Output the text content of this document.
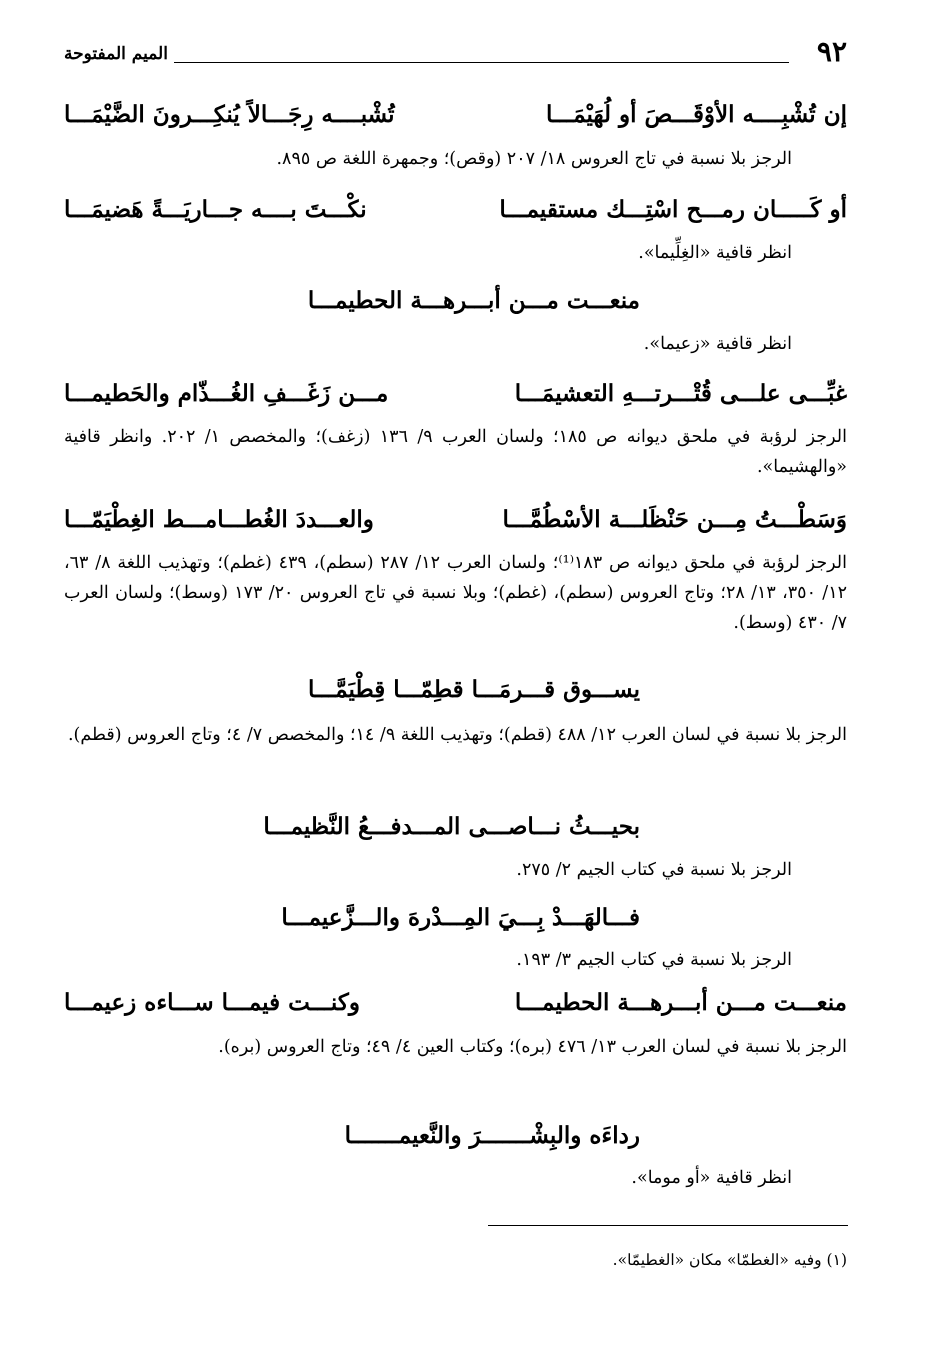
٩٢
الميم المفتوحة
إن تُشْبِــــه الأوْقَـــصَ أو لُهَيْمَـــا
تُشْبــــه رِجَـــالاً يُنكِـــرونَ الضَّيْمَـــا
الرجز بلا نسبة في تاج العروس ١٨/ ٢٠٧ (وقص)؛ وجمهرة اللغة ص ٨٩٥.
أو كَـــــان رمـــح اسْتِـــك مستقيمـــا
نكْـــتَ بــــه جـــاريَـــةً هَضيمَـــا
انظر قافية «الغِلِّيما».
منعـــت مـــن أبـــرهـــة الحطيمـــا
انظر قافية «زعيما».
غبِّـــى علـــى قُتْـــرتـــهِ التعشيمَـــا
مـــن زَغَـــفِ الغُـــذّام والحَطيمـــا
الرجز لرؤبة في ملحق ديوانه ص ١٨٥؛ ولسان العرب ٩/ ١٣٦ (زغف)؛ والمخصص ١/ ٢٠٢. وانظر قافية «والهشيما».
وَسَطْـــتُ مِـــن حَنْظَلـــة الأسْطُمَّـــا
والعـــددَ الغُطـــامـــط الغِطْيَمّـــا
الرجز لرؤبة في ملحق ديوانه ص ١٨٣⁽¹⁾؛ ولسان العرب ١٢/ ٢٨٧ (سطم)، ٤٣٩ (غطم)؛ وتهذيب اللغة ٨/ ٦٣، ١٢/ ٣٥٠، ١٣/ ٢٨؛ وتاج العروس (سطم)، (غطم)؛ وبلا نسبة في تاج العروس ٢٠/ ١٧٣ (وسط)؛ ولسان العرب ٧/ ٤٣٠ (وسط).
يســـوق قـــرمَـــا قطِمّـــا قِطْيَمَّـــا
الرجز بلا نسبة في لسان العرب ١٢/ ٤٨٨ (قطم)؛ وتهذيب اللغة ٩/ ١٤؛ والمخصص ٧/ ٤؛ وتاج العروس (قطم).
بحيـــثُ نـــاصـــى المـــدفـــعُ النَّظيمـــا
الرجز بلا نسبة في كتاب الجيم ٢/ ٢٧٥.
فـــالهَـــدْ بِـــيَ المِـــدْرهَ والـــزَّعيمـــا
الرجز بلا نسبة في كتاب الجيم ٣/ ١٩٣.
منعـــت مـــن أبـــرهـــة الحطيمـــا
وكنـــت فيمـــا ســـاءه زعيمـــا
الرجز بلا نسبة في لسان العرب ١٣/ ٤٧٦ (بره)؛ وكتاب العين ٤/ ٤٩؛ وتاج العروس (بره).
رداءَه والبِشْـــــــرَ والنَّعيمـــــــا
انظر قافية «أو موما».
(١) وفيه «الغطمّا» مكان «الغطيمّا».
